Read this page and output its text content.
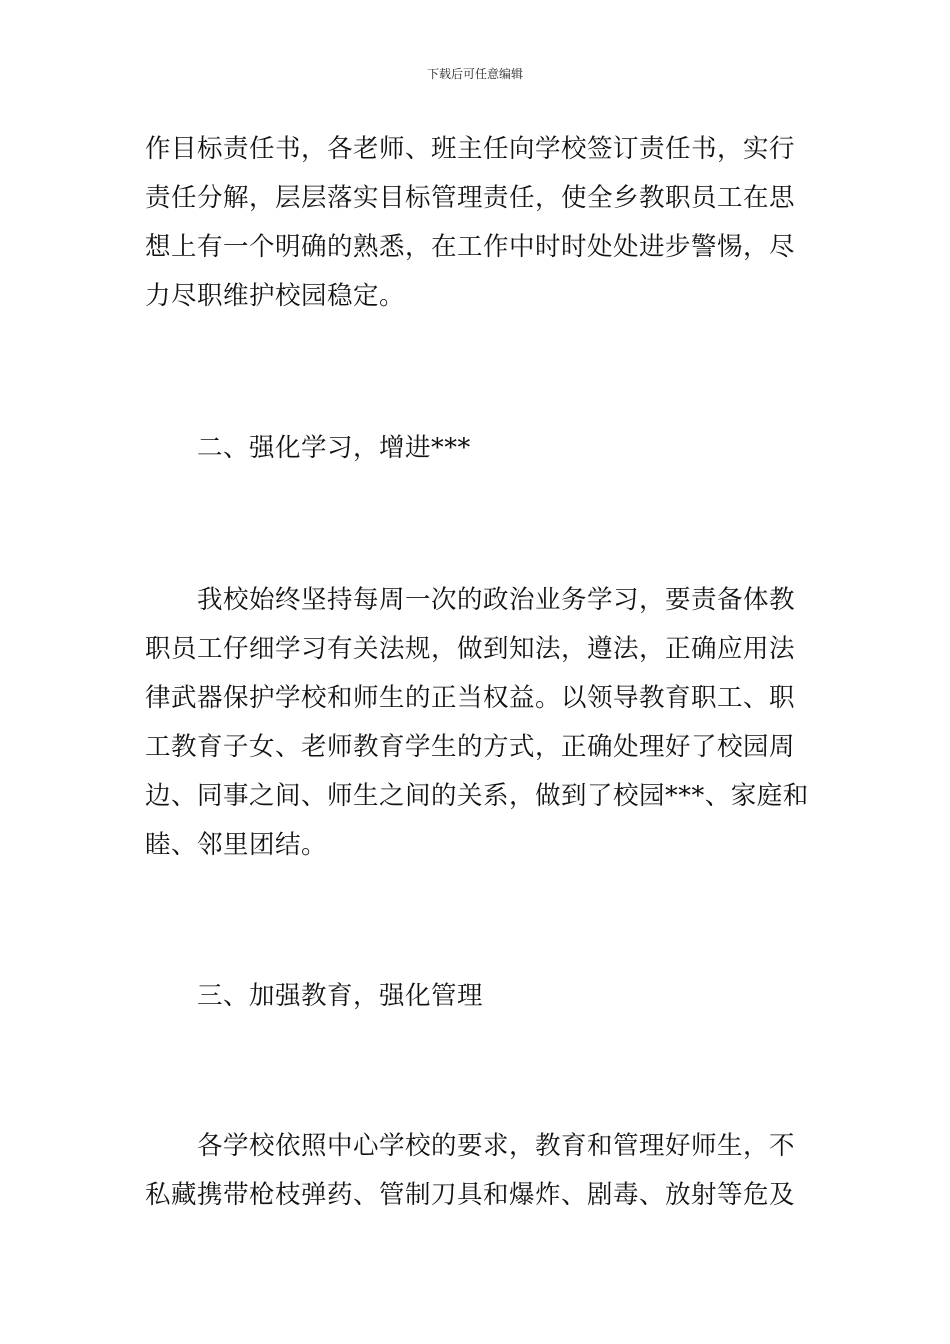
下载后可任意编辑
作目标责任书，各老师、班主任向学校签订责任书，实行
责任分解，层层落实目标管理责任，使全乡教职员工在思
想上有一个明确的熟悉，在工作中时时处处进步警惕，尽
力尽职维护校园稳定。
二、强化学习，增进***
我校始终坚持每周一次的政治业务学习，要责备体教
职员工仔细学习有关法规，做到知法，遵法，正确应用法
律武器保护学校和师生的正当权益。以领导教育职工、职
工教育子女、老师教育学生的方式，正确处理好了校园周
边、同事之间、师生之间的关系，做到了校园***、家庭和
睦、邻里团结。
三、加强教育，强化管理
各学校依照中心学校的要求，教育和管理好师生，不
私藏携带枪枝弹药、管制刀具和爆炸、剧毒、放射等危及
